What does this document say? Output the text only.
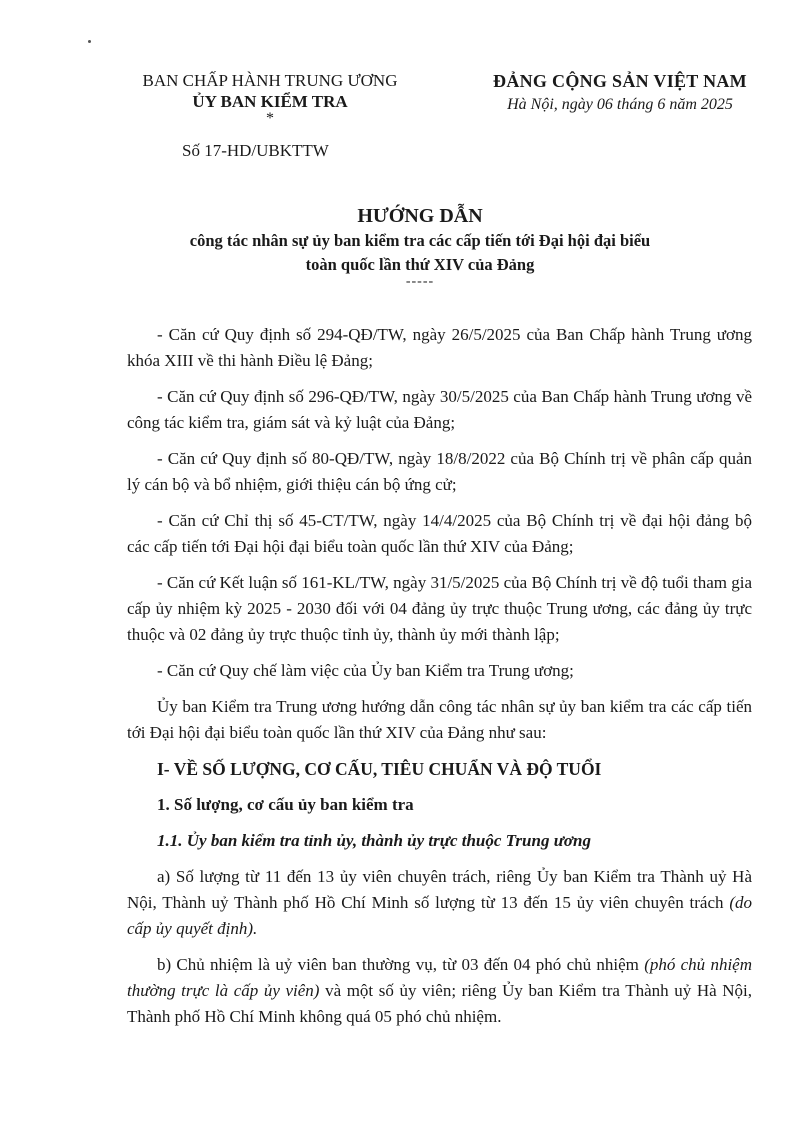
BAN CHẤP HÀNH TRUNG ƯƠNG
ỦY BAN KIỂM TRA
*
Số 17-HD/UBKTTW
ĐẢNG CỘNG SẢN VIỆT NAM
Hà Nội, ngày 06 tháng 6 năm 2025
HƯỚNG DẪN
công tác nhân sự ủy ban kiểm tra các cấp tiến tới Đại hội đại biểu
toàn quốc lần thứ XIV của Đảng
-----

- Căn cứ Quy định số 294-QĐ/TW, ngày 26/5/2025 của Ban Chấp hành Trung ương khóa XIII về thi hành Điều lệ Đảng;

- Căn cứ Quy định số 296-QĐ/TW, ngày 30/5/2025 của Ban Chấp hành Trung ương về công tác kiểm tra, giám sát và kỷ luật của Đảng;

- Căn cứ Quy định số 80-QĐ/TW, ngày 18/8/2022 của Bộ Chính trị về phân cấp quản lý cán bộ và bổ nhiệm, giới thiệu cán bộ ứng cử;

- Căn cứ Chỉ thị số 45-CT/TW, ngày 14/4/2025 của Bộ Chính trị về đại hội đảng bộ các cấp tiến tới Đại hội đại biểu toàn quốc lần thứ XIV của Đảng;

- Căn cứ Kết luận số 161-KL/TW, ngày 31/5/2025 của Bộ Chính trị về độ tuổi tham gia cấp ủy nhiệm kỳ 2025 - 2030 đối với 04 đảng ủy trực thuộc Trung ương, các đảng ủy trực thuộc và 02 đảng ủy trực thuộc tỉnh ủy, thành ủy mới thành lập;

- Căn cứ Quy chế làm việc của Ủy ban Kiểm tra Trung ương;

Ủy ban Kiểm tra Trung ương hướng dẫn công tác nhân sự ủy ban kiểm tra các cấp tiến tới Đại hội đại biểu toàn quốc lần thứ XIV của Đảng như sau:

I- VỀ SỐ LƯỢNG, CƠ CẤU, TIÊU CHUẨN VÀ ĐỘ TUỔI

1. Số lượng, cơ cấu ủy ban kiểm tra

1.1. Ủy ban kiểm tra tỉnh ủy, thành ủy trực thuộc Trung ương

a) Số lượng từ 11 đến 13 ủy viên chuyên trách, riêng Ủy ban Kiểm tra Thành uỷ Hà Nội, Thành uỷ Thành phố Hồ Chí Minh số lượng từ 13 đến 15 ủy viên chuyên trách (do cấp ủy quyết định).

b) Chủ nhiệm là uỷ viên ban thường vụ, từ 03 đến 04 phó chủ nhiệm (phó chủ nhiệm thường trực là cấp ủy viên) và một số ủy viên; riêng Ủy ban Kiểm tra Thành uỷ Hà Nội, Thành phố Hồ Chí Minh không quá 05 phó chủ nhiệm.
